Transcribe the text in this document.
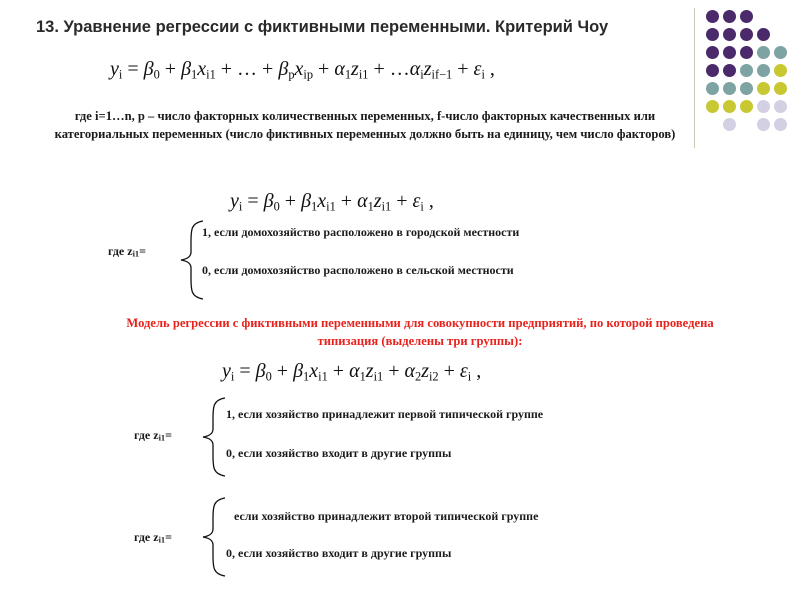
13. Уравнение регрессии с фиктивными переменными. Критерий Чоу
$y_i = \beta_0 + \beta_1x_{i1}$ + … + $\beta_px_{ip} + \alpha_1z_{i1}$ + $\dots\alpha_iz_{if-1} + \varepsilon_i$ ,
где i=1…n, p – число факторных количественных переменных, f-число факторных качественных или категориальных переменных (число фиктивных переменных должно быть на единицу, чем число факторов)
$y_i = \beta_0 + \beta_1x_{i1} + \alpha_1z_{i1} + \varepsilon_i$ ,
где $z_{i1}=$
1, если домохозяйство расположено в городской местности
0, если домохозяйство расположено в сельской местности
Модель регрессии с фиктивными переменными для совокупности предприятий, по которой проведена типизация (выделены три группы):
$y_i = \beta_0 + \beta_1x_{i1} + \alpha_1z_{i1} + \alpha_2z_{i2} + \varepsilon_i$ ,
где $z_{i1}=$
1, если хозяйство принадлежит первой типической группе
0, если хозяйство входит в другие группы
где $z_{i1}=$
если хозяйство принадлежит второй типической группе
0, если хозяйство входит в другие группы
